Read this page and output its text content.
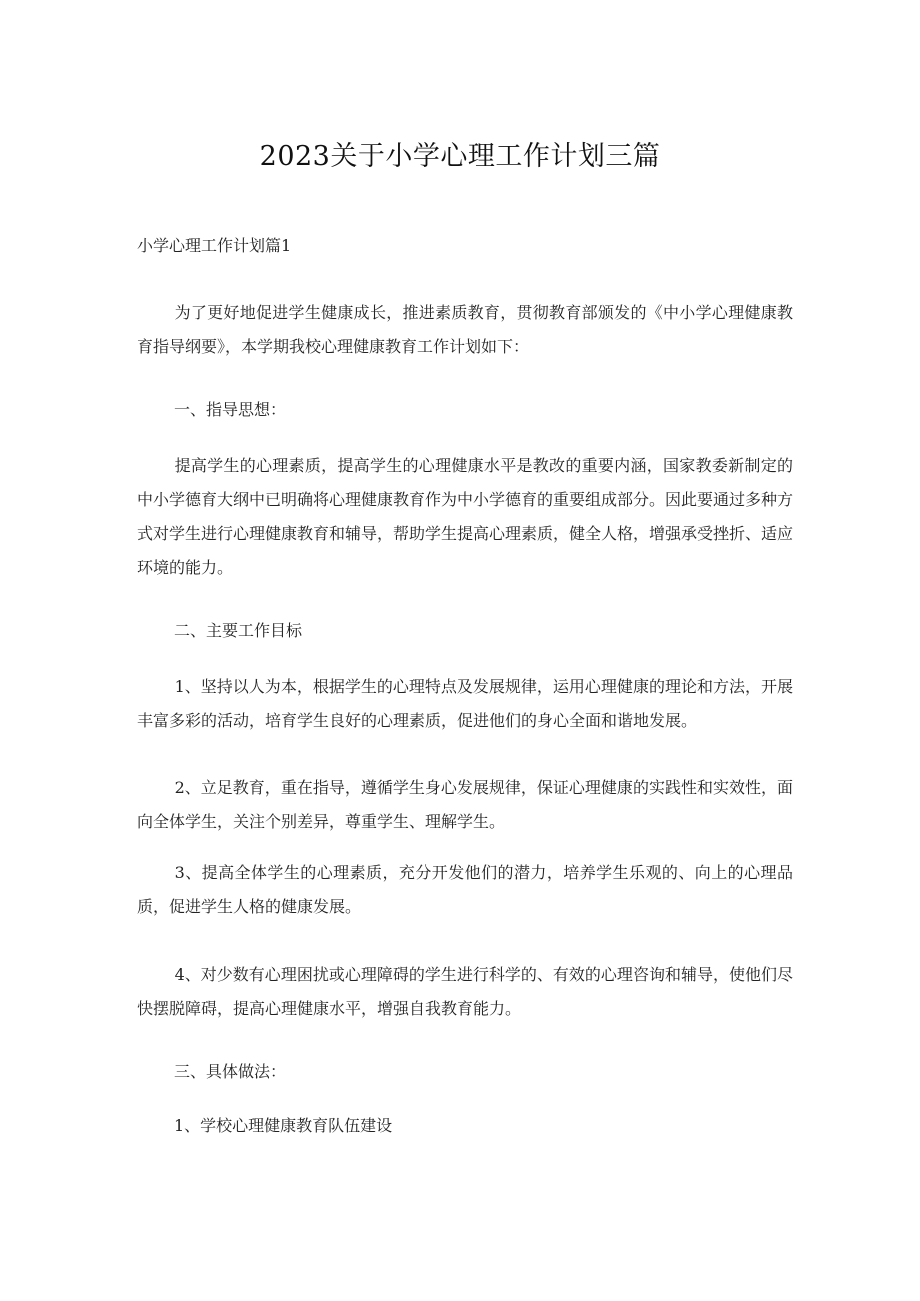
2023关于小学心理工作计划三篇
小学心理工作计划篇1
为了更好地促进学生健康成长，推进素质教育，贯彻教育部颁发的《中小学心理健康教育指导纲要》，本学期我校心理健康教育工作计划如下：
一、指导思想：
提高学生的心理素质，提高学生的心理健康水平是教改的重要内涵，国家教委新制定的中小学德育大纲中已明确将心理健康教育作为中小学德育的重要组成部分。因此要通过多种方式对学生进行心理健康教育和辅导，帮助学生提高心理素质，健全人格，增强承受挫折、适应环境的能力。
二、主要工作目标
1、坚持以人为本，根据学生的心理特点及发展规律，运用心理健康的理论和方法，开展丰富多彩的活动，培育学生良好的心理素质，促进他们的身心全面和谐地发展。
2、立足教育，重在指导，遵循学生身心发展规律，保证心理健康的实践性和实效性，面向全体学生，关注个别差异，尊重学生、理解学生。
3、提高全体学生的心理素质，充分开发他们的潜力，培养学生乐观的、向上的心理品质，促进学生人格的健康发展。
4、对少数有心理困扰或心理障碍的学生进行科学的、有效的心理咨询和辅导，使他们尽快摆脱障碍，提高心理健康水平，增强自我教育能力。
三、具体做法：
1、学校心理健康教育队伍建设
